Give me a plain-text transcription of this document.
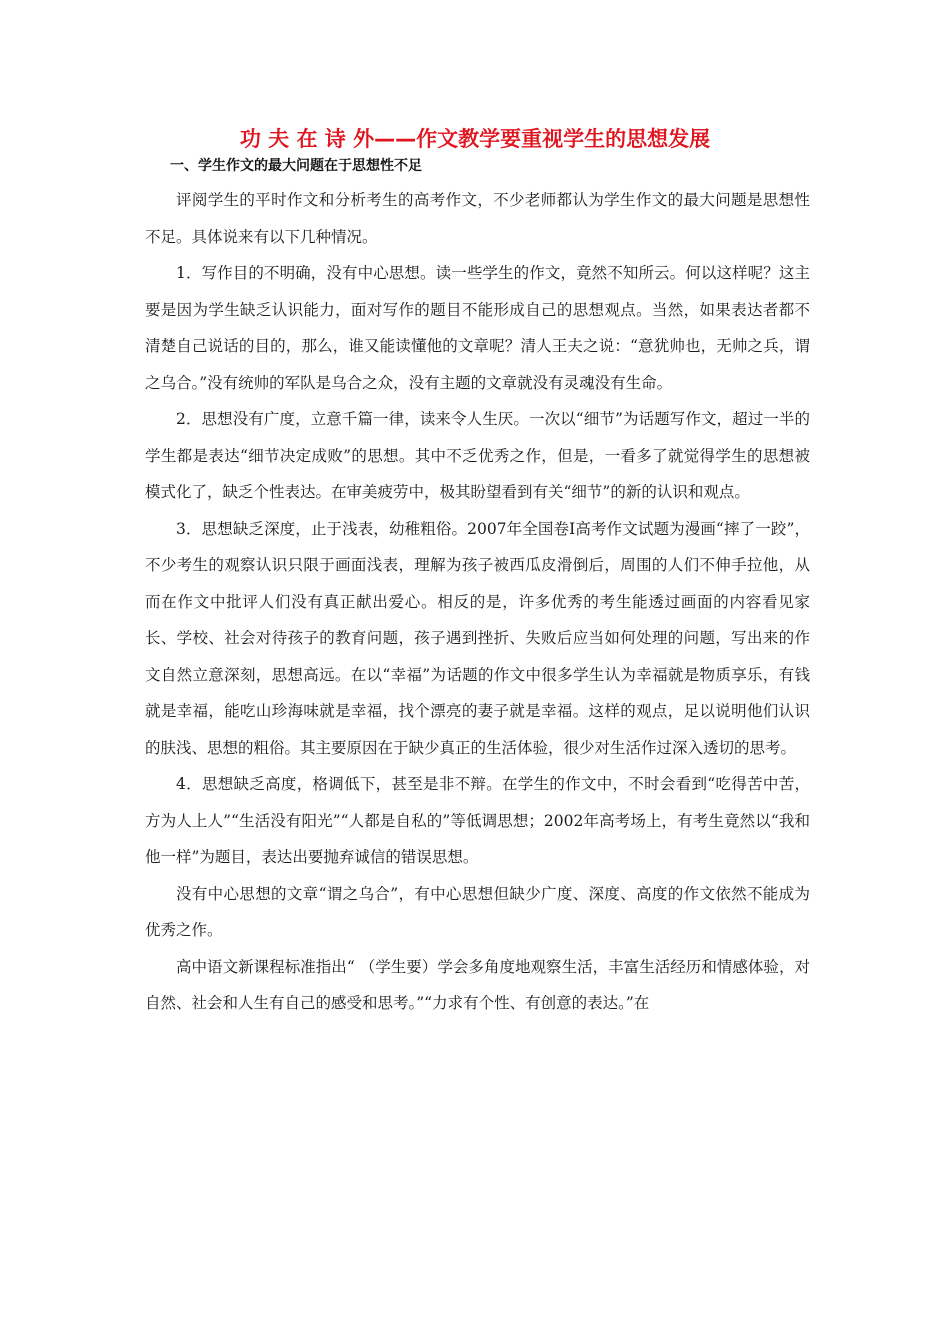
功 夫 在 诗 外——作文教学要重视学生的思想发展
一、学生作文的最大问题在于思想性不足

评阅学生的平时作文和分析考生的高考作文，不少老师都认为学生作文的最大问题是思想性不足。具体说来有以下几种情况。

1．写作目的不明确，没有中心思想。读一些学生的作文，竟然不知所云。何以这样呢？这主要是因为学生缺乏认识能力，面对写作的题目不能形成自己的思想观点。当然，如果表达者都不清楚自己说话的目的，那么，谁又能读懂他的文章呢？清人王夫之说：“意犹帅也，无帅之兵，谓之乌合。”没有统帅的军队是乌合之众，没有主题的文章就没有灵魂没有生命。

2．思想没有广度，立意千篇一律，读来令人生厌。一次以“细节”为话题写作文，超过一半的学生都是表达“细节决定成败”的思想。其中不乏优秀之作，但是，一看多了就觉得学生的思想被模式化了，缺乏个性表达。在审美疲劳中，极其盼望看到有关“细节”的新的认识和观点。

3．思想缺乏深度，止于浅表，幼稚粗俗。2007年全国卷Ⅰ高考作文试题为漫画“摔了一跤”，不少考生的观察认识只限于画面浅表，理解为孩子被西瓜皮滑倒后，周围的人们不伸手拉他，从而在作文中批评人们没有真正献出爱心。相反的是，许多优秀的考生能透过画面的内容看见家长、学校、社会对待孩子的教育问题，孩子遇到挫折、失败后应当如何处理的问题，写出来的作文自然立意深刻，思想高远。在以“幸福”为话题的作文中很多学生认为幸福就是物质享乐，有钱就是幸福，能吃山珍海味就是幸福，找个漂亮的妻子就是幸福。这样的观点，足以说明他们认识的肤浅、思想的粗俗。其主要原因在于缺少真正的生活体验，很少对生活作过深入透切的思考。

4．思想缺乏高度，格调低下，甚至是非不辩。在学生的作文中，不时会看到“吃得苦中苦，方为人上人”“生活没有阳光”“人都是自私的”等低调思想；2002年高考场上，有考生竟然以“我和他一样”为题目，表达出要抛弃诚信的错误思想。

没有中心思想的文章“谓之乌合”，有中心思想但缺少广度、深度、高度的作文依然不能成为优秀之作。

高中语文新课程标准指出“ （学生要）学会多角度地观察生活，丰富生活经历和情感体验，对自然、社会和人生有自己的感受和思考。”“力求有个性、有创意的表达。”在
